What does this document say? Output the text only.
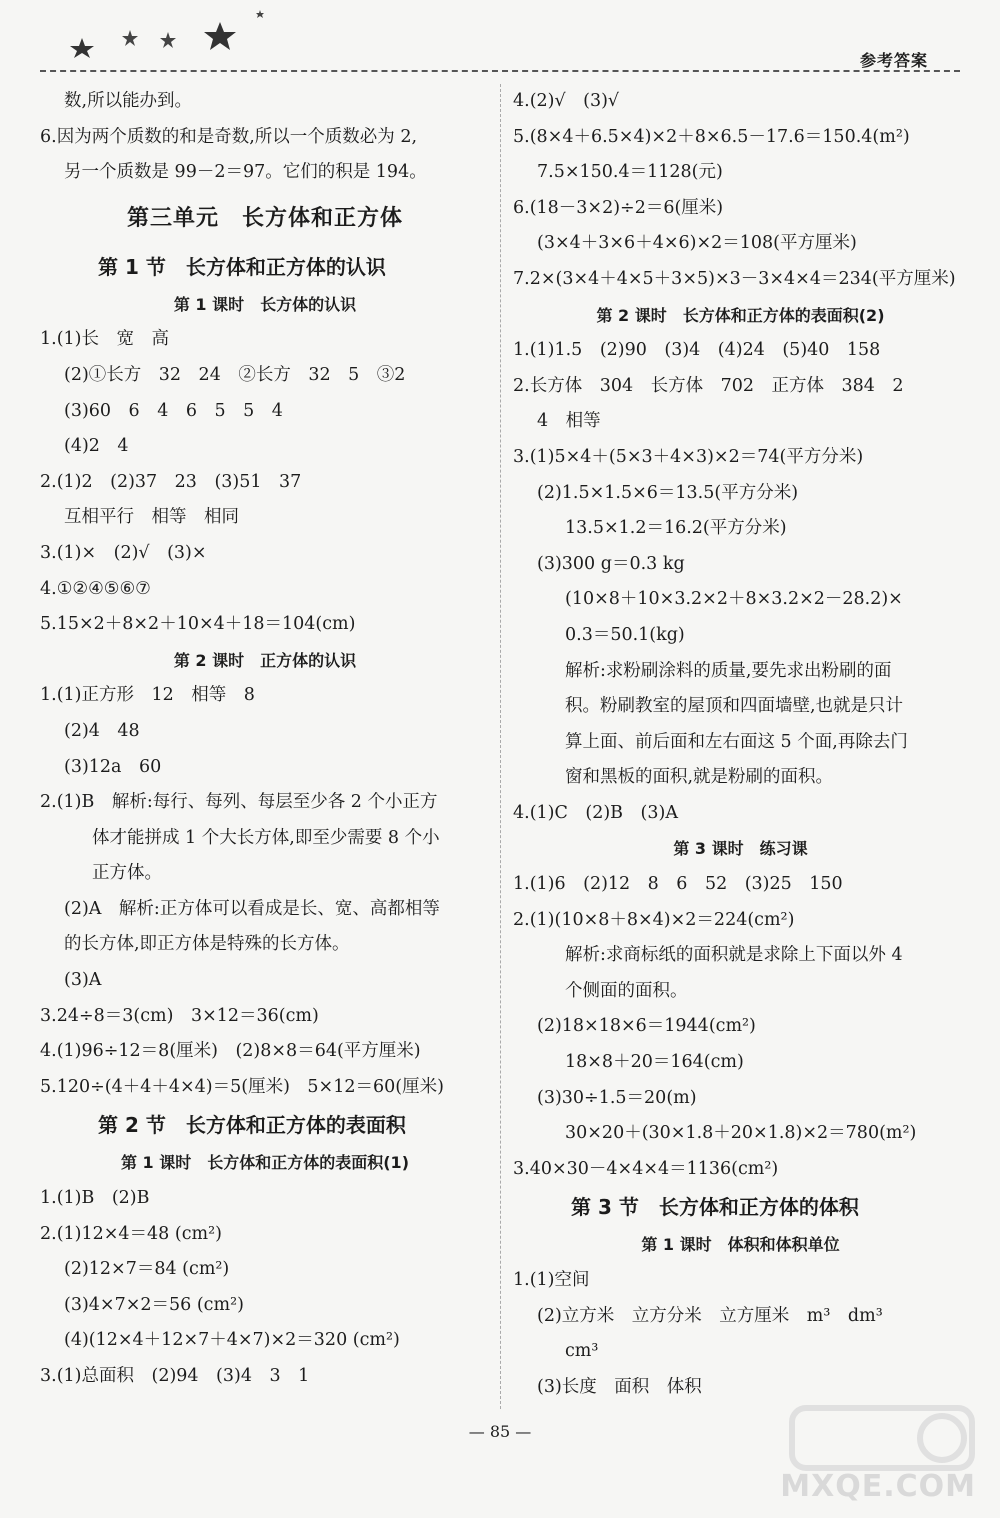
参考答案
数,所以能办到。
6.因为两个质数的和是奇数,所以一个质数必为 2,
另一个质数是 99－2＝97。它们的积是 194。
第三单元　长方体和正方体
第 1 节　长方体和正方体的认识
第 1 课时　长方体的认识
1.(1)长　宽　高
(2)①长方　32　24　②长方　32　5　③2
(3)60　6　4　6　5　5　4
(4)2　4
2.(1)2　(2)37　23　(3)51　37
互相平行　相等　相同
3.(1)×　(2)√　(3)×
4.①②④⑤⑥⑦
5.15×2＋8×2＋10×4＋18＝104(cm)
第 2 课时　正方体的认识
1.(1)正方形　12　相等　8
(2)4　48
(3)12a　60
2.(1)B　解析:每行、每列、每层至少各 2 个小正方
体才能拼成 1 个大长方体,即至少需要 8 个小
正方体。
(2)A　解析:正方体可以看成是长、宽、高都相等
的长方体,即正方体是特殊的长方体。
(3)A
3.24÷8＝3(cm)　3×12＝36(cm)
4.(1)96÷12＝8(厘米)　(2)8×8＝64(平方厘米)
5.120÷(4＋4＋4×4)＝5(厘米)　5×12＝60(厘米)
第 2 节　长方体和正方体的表面积
第 1 课时　长方体和正方体的表面积(1)
1.(1)B　(2)B
2.(1)12×4＝48 (cm²)
(2)12×7＝84 (cm²)
(3)4×7×2＝56 (cm²)
(4)(12×4＋12×7＋4×7)×2＝320 (cm²)
3.(1)总面积　(2)94　(3)4　3　1
4.(2)√　(3)√
5.(8×4＋6.5×4)×2＋8×6.5－17.6＝150.4(m²)
7.5×150.4＝1128(元)
6.(18－3×2)÷2＝6(厘米)
(3×4＋3×6＋4×6)×2＝108(平方厘米)
7.2×(3×4＋4×5＋3×5)×3－3×4×4＝234(平方厘米)
第 2 课时　长方体和正方体的表面积(2)
1.(1)1.5　(2)90　(3)4　(4)24　(5)40　158
2.长方体　304　长方体　702　正方体　384　2
4　相等
3.(1)5×4＋(5×3＋4×3)×2＝74(平方分米)
(2)1.5×1.5×6＝13.5(平方分米)
13.5×1.2＝16.2(平方分米)
(3)300 g＝0.3 kg
(10×8＋10×3.2×2＋8×3.2×2－28.2)×
0.3＝50.1(kg)
解析:求粉刷涂料的质量,要先求出粉刷的面
积。粉刷教室的屋顶和四面墙壁,也就是只计
算上面、前后面和左右面这 5 个面,再除去门
窗和黑板的面积,就是粉刷的面积。
4.(1)C　(2)B　(3)A
第 3 课时　练习课
1.(1)6　(2)12　8　6　52　(3)25　150
2.(1)(10×8＋8×4)×2＝224(cm²)
解析:求商标纸的面积就是求除上下面以外 4
个侧面的面积。
(2)18×18×6＝1944(cm²)
18×8＋20＝164(cm)
(3)30÷1.5＝20(m)
30×20＋(30×1.8＋20×1.8)×2＝780(m²)
3.40×30－4×4×4＝1136(cm²)
第 3 节　长方体和正方体的体积
第 1 课时　体积和体积单位
1.(1)空间
(2)立方米　立方分米　立方厘米　m³　dm³
cm³
(3)长度　面积　体积
— 85 —
MXQE.COM
